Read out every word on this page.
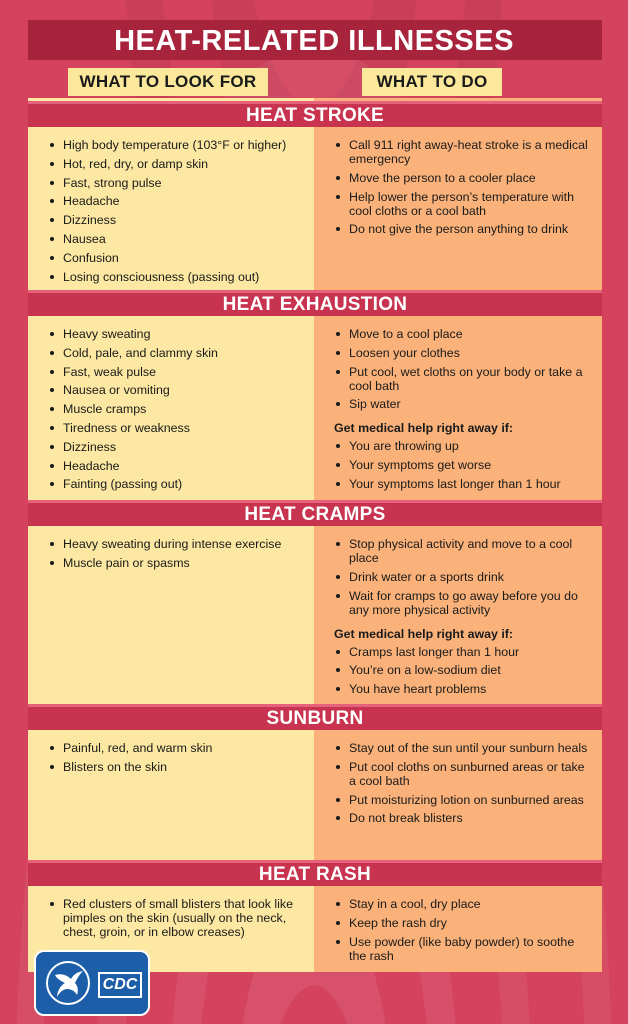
HEAT-RELATED ILLNESSES
WHAT TO LOOK FOR	WHAT TO DO
HEAT STROKE
High body temperature (103°F or higher)
Hot, red, dry, or damp skin
Fast, strong pulse
Headache
Dizziness
Nausea
Confusion
Losing consciousness (passing out)
Call 911 right away-heat stroke is a medical emergency
Move the person to a cooler place
Help lower the person’s temperature with cool cloths or a cool bath
Do not give the person anything to drink
HEAT EXHAUSTION
Heavy sweating
Cold, pale, and clammy skin
Fast, weak pulse
Nausea or vomiting
Muscle cramps
Tiredness or weakness
Dizziness
Headache
Fainting (passing out)
Move to a cool place
Loosen your clothes
Put cool, wet cloths on your body or take a cool bath
Sip water
Get medical help right away if:
You are throwing up
Your symptoms get worse
Your symptoms last longer than 1 hour
HEAT CRAMPS
Heavy sweating during intense exercise
Muscle pain or spasms
Stop physical activity and move to a cool place
Drink water or a sports drink
Wait for cramps to go away before you do any more physical activity
Get medical help right away if:
Cramps last longer than 1 hour
You’re on a low-sodium diet
You have heart problems
SUNBURN
Painful, red, and warm skin
Blisters on the skin
Stay out of the sun until your sunburn heals
Put cool cloths on sunburned areas or take a cool bath
Put moisturizing lotion on sunburned areas
Do not break blisters
HEAT RASH
Red clusters of small blisters that look like pimples on the skin (usually on the neck, chest, groin, or in elbow creases)
Stay in a cool, dry place
Keep the rash dry
Use powder (like baby powder) to soothe the rash
CDC
